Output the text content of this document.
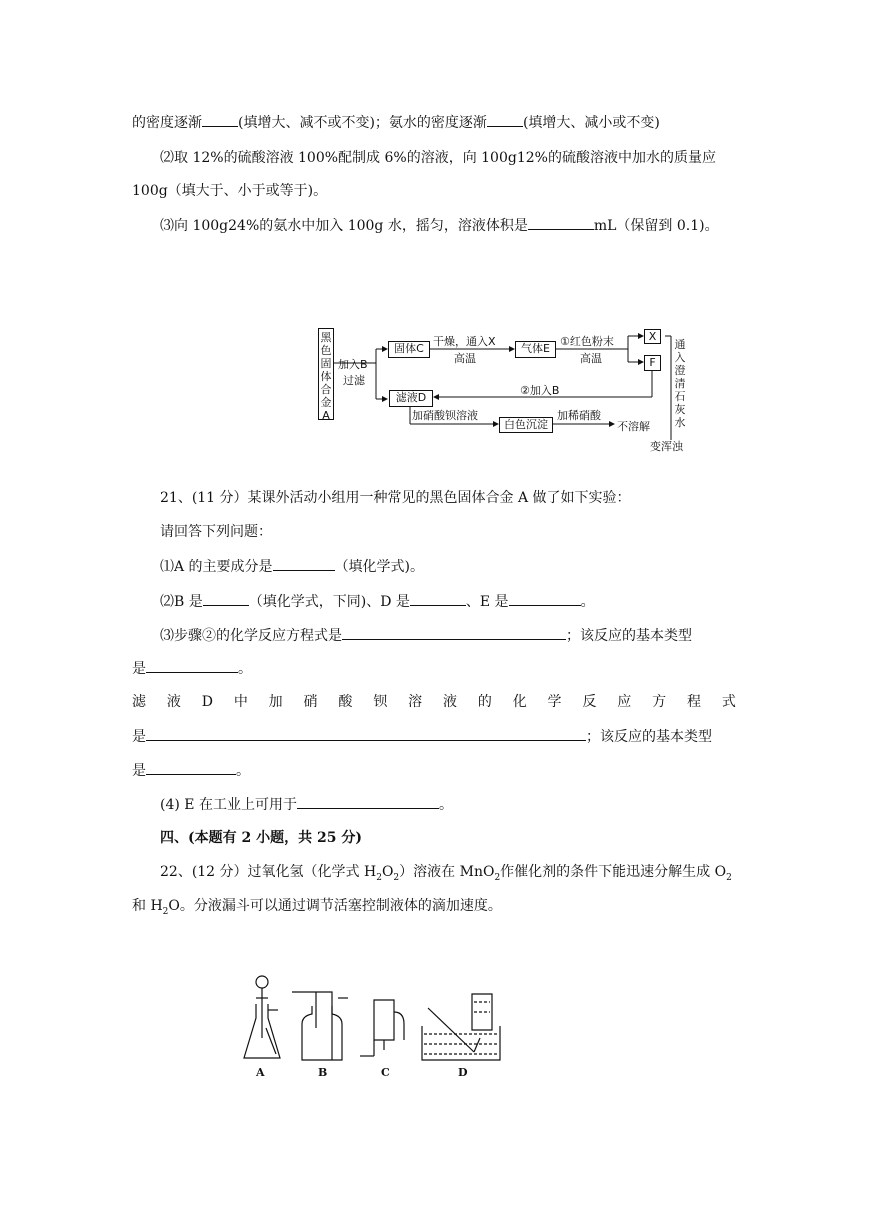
的密度逐渐	(填增大、减不或不变)；氨水的密度逐渐	(填增大、减小或不变)
⑵取 12%的硫酸溶液 100%配制成 6%的溶液，向 100g12%的硫酸溶液中加水的质量应
100g（填大于、小于或等于)。
⑶向 100g24%的氨水中加入 100g 水，摇匀，溶液体积是	mL（保留到 0.1)。
黑色固体合金A
加入B
过滤
固体C
干燥，通入X
高温
气体E
①红色粉末
高温
X
F
通入澄清石灰水
②加入B
滤液D
加硝酸钡溶液
白色沉淀
加稀硝酸
不溶解
变浑浊
21、(11 分）某课外活动小组用一种常见的黑色固体合金 A 做了如下实验：
请回答下列问题：
⑴A 的主要成分是	（填化学式)。
⑵B 是	（填化学式，下同)、D 是	、E 是	。
⑶步骤②的化学反应方程式是	；该反应的基本类型
是	。
滤 液 D 中 加 硝 酸 钡 溶 液 的 化 学 反 应 方 程 式
是	；该反应的基本类型
是	。
(4) E 在工业上可用于	。
四、(本题有 2 小题，共 25 分)
22、(12 分）过氧化氢（化学式 $H_2O_2$）溶液在 MnO$_2$作催化剂的条件下能迅速分解生成 $O_2$
和 $H_2O$。分液漏斗可以通过调节活塞控制液体的滴加速度。
A	B	C	D
